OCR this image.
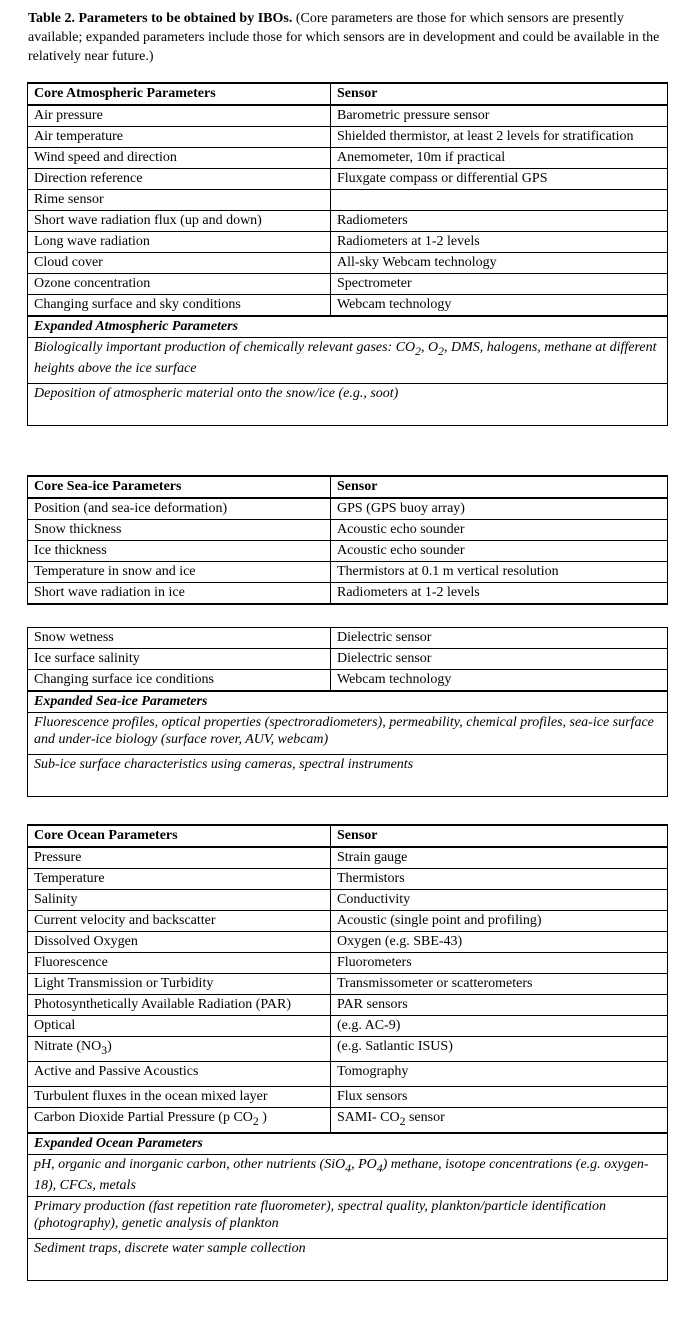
Table 2. Parameters to be obtained by IBOs. (Core parameters are those for which sensors are presently available; expanded parameters include those for which sensors are in development and could be available in the relatively near future.)
Core Atmospheric Parameters	Sensor
Air pressure	Barometric pressure sensor
Air temperature	Shielded thermistor, at least 2 levels for stratification
Wind speed and direction	Anemometer, 10m if practical
Direction reference	Fluxgate compass or differential GPS
Rime sensor	
Short wave radiation flux (up and down)	Radiometers
Long wave radiation	Radiometers at 1-2 levels
Cloud cover	All-sky Webcam technology
Ozone concentration	Spectrometer
Changing surface and sky conditions	Webcam technology
Expanded Atmospheric Parameters	
Biologically important production of chemically relevant gases: $CO_2$, $O_2$, DMS, halogens, methane at different heights above the ice surface	
Deposition of atmospheric material onto the snow/ice (e.g., soot)	
Core Sea-ice Parameters	Sensor
Position (and sea-ice deformation)	GPS (GPS buoy array)
Snow thickness	Acoustic echo sounder
Ice thickness	Acoustic echo sounder
Temperature in snow and ice	Thermistors at 0.1 m vertical resolution
Short wave radiation in ice	Radiometers at 1-2 levels
Snow wetness	Dielectric sensor
Ice surface salinity	Dielectric sensor
Changing surface ice conditions	Webcam technology
Expanded Sea-ice Parameters	
Fluorescence profiles, optical properties (spectroradiometers), permeability, chemical profiles, sea-ice surface and under-ice biology (surface rover, AUV, webcam)	
Sub-ice surface characteristics using cameras, spectral instruments	
Core Ocean Parameters	Sensor
Pressure	Strain gauge
Temperature	Thermistors
Salinity	Conductivity
Current velocity and backscatter	Acoustic (single point and profiling)
Dissolved Oxygen	Oxygen (e.g. SBE-43)
Fluorescence	Fluorometers
Light Transmission or Turbidity	Transmissometer or scatterometers
Photosynthetically Available Radiation (PAR)	PAR sensors
Optical	(e.g. AC-9)
Nitrate $(NO_3)$	(e.g. Satlantic ISUS)
Active and Passive Acoustics	Tomography
Turbulent fluxes in the ocean mixed layer	Flux sensors
Carbon Dioxide Partial Pressure (p $CO_2$ )	SAMI- $CO_2$ sensor
Expanded Ocean Parameters	
pH, organic and inorganic carbon, other nutrients (SiO$_4$, $PO_4$) methane, isotope concentrations (e.g. oxygen-18), CFCs, metals	
Primary production (fast repetition rate fluorometer), spectral quality, plankton/particle identification (photography), genetic analysis of plankton	
Sediment traps, discrete water sample collection	
